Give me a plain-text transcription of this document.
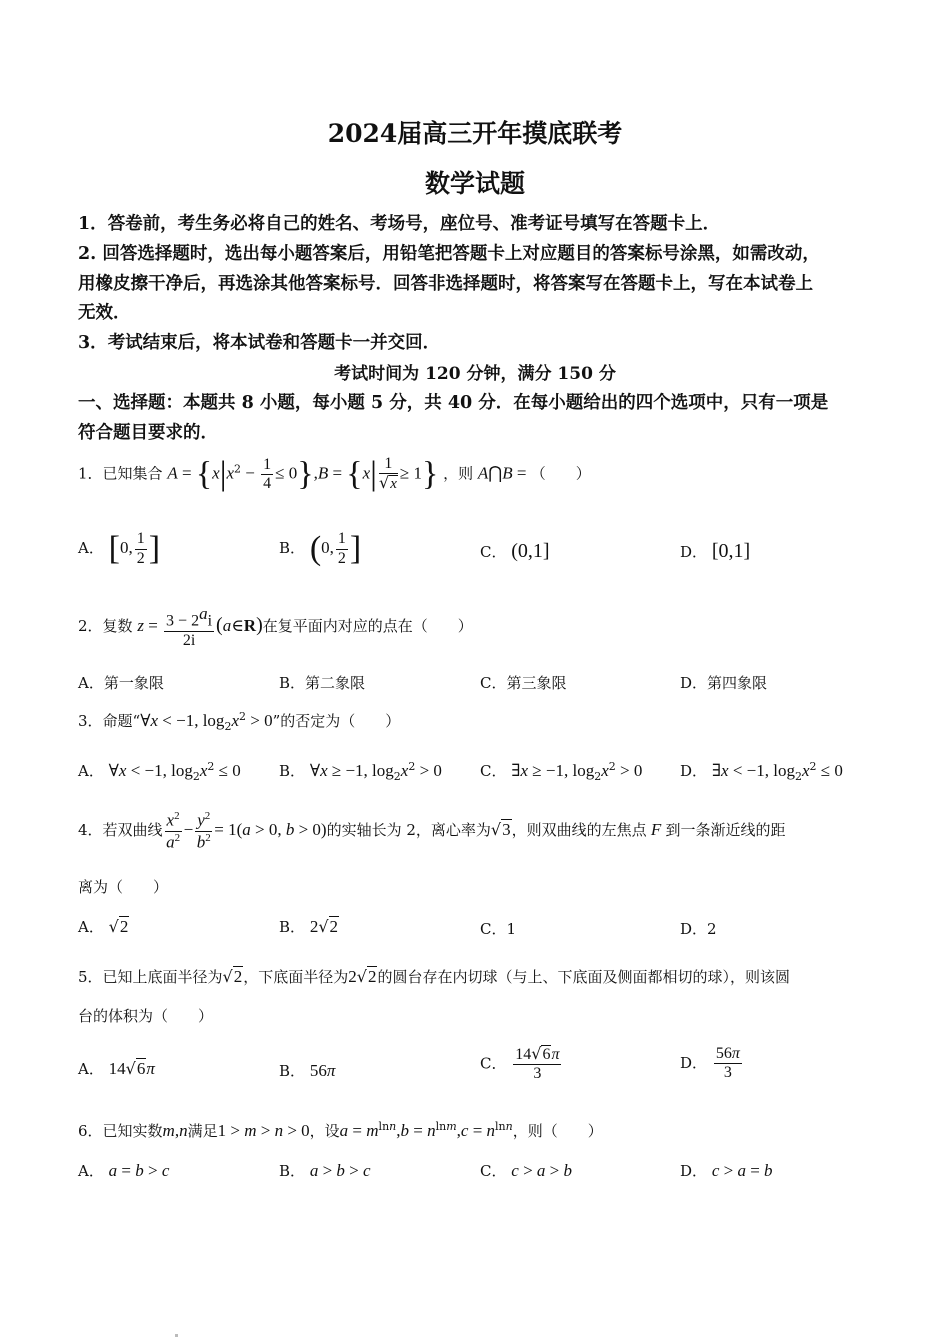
2024届高三开年摸底联考
数学试题
1．答卷前，考生务必将自己的姓名、考场号，座位号、准考证号填写在答题卡上．
2. 回答选择题时，选出每小题答案后，用铅笔把答题卡上对应题目的答案标号涂黑，如需改动，
用橡皮擦干净后，再选涂其他答案标号．回答非选择题时，将答案写在答题卡上，写在本试卷上
无效．
3．考试结束后，将本试卷和答题卡一并交回．
考试时间为 120 分钟，满分 150 分
一、选择题：本题共 8 小题，每小题 5 分，共 40 分．在每小题给出的四个选项中，只有一项是
符合题目要求的．
1．已知集合 $A = \{x|x^2 - \frac{1}{4} \le 0\},B = \{x| \frac{1}{√x} \ge 1\}$ ，则 A⋂B = （　　）
A． [0, $\frac{1}{2}$ ]	B． (0, $\frac{1}{2}$ ]	C． (0,1]	D． [0,1]
2．复数 $z = \frac{3 - 2^ai}{2i}$ (a∈R)在复平面内对应的点在（　　）
A．第一象限	B．第二象限	C．第三象限	D．第四象限
3．命题“∀x < −1, $\log_2x^2 > 0$”的否定为（　　）
A． ∀x < −1, $\log_2x^2 \le 0$	B． ∀x ≥ −1, $\log_2x^2 > 0$	C． ∃x ≥ −1, $\log_2x^2 > 0$	D． ∃x < −1, $\log_2x^2 \le 0$
4．若双曲线 $\frac{x^2}{a^2} - \frac{y^2}{b^2} = 1(a > 0$, b > 0)的实轴长为 2，离心率为√3，则双曲线的左焦点 F 到一条渐近线的距
离为（　　）
A． √2	B． 2√2	C．1	D．2
5．已知上底面半径为√2，下底面半径为2√2的圆台存在内切球（与上、下底面及侧面都相切的球），则该圆
台的体积为（　　）
A． 14√6π	B． 56π	C． $\frac{14√6\pi}{3}$	D． $\frac{56\pi}{3}$
6．已知实数m,n满足1 > m > n > 0，设$a = m^{lnn},b = n^{lnm},c = n^{lnn}$，则（　　）
A． a = b > c	B． a > b > c	C． c > a > b	D． c > a = b
